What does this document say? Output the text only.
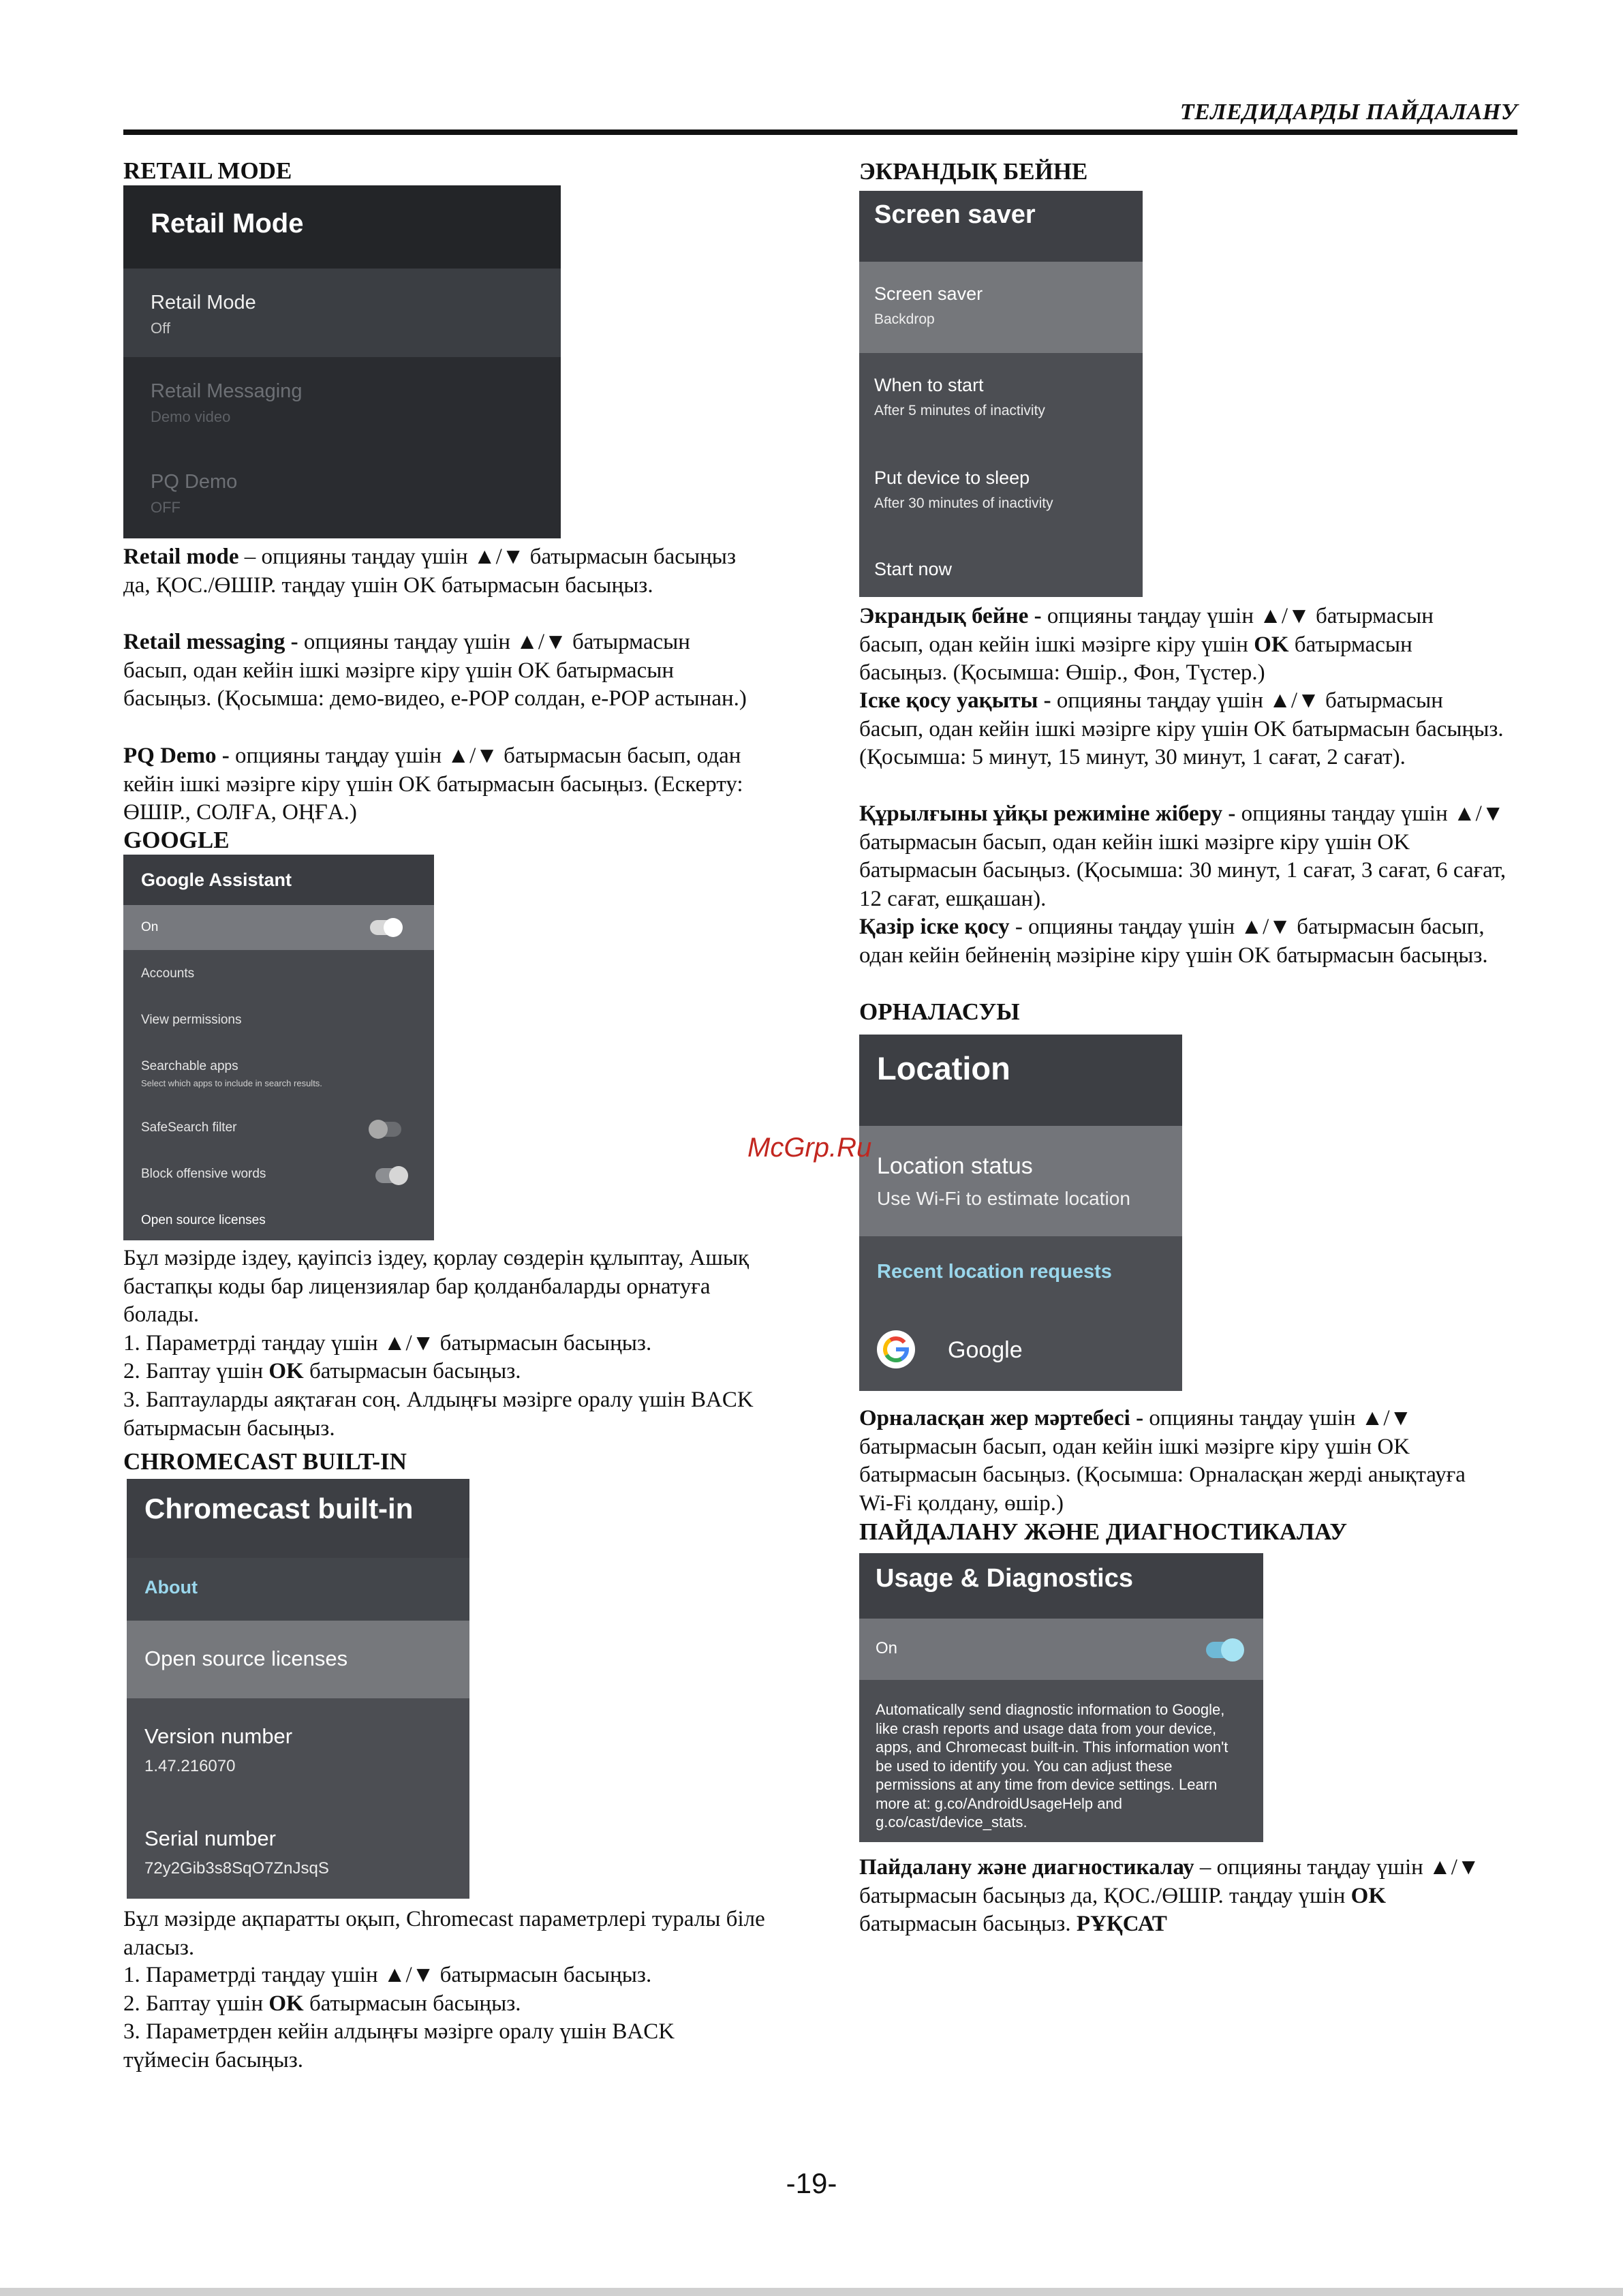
ТЕЛЕДИДАРДЫ ПАЙДАЛАНУ
RETAIL MODE
Retail Mode
Retail Mode
Off
Retail Messaging
Demo video
PQ Demo
OFF
Retail mode – опцияны таңдау үшін ▲/▼ батырмасын басыңыз да, ҚОС./ӨШІР. таңдау үшін OK батырмасын басыңыз.
Retail messaging - опцияны таңдау үшін ▲/▼ батырмасын басып, одан кейін ішкі мәзірге кіру үшін OK батырмасын басыңыз. (Қосымша: демо-видео, e-POP солдан, e-POP астынан.)
PQ Demo - опцияны таңдау үшін ▲/▼ батырмасын басып, одан кейін ішкі мәзірге кіру үшін OK батырмасын басыңыз. (Ескерту: ӨШІР., СОЛҒА, ОҢҒА.)
GOOGLE
Google Assistant
On
Accounts
View permissions
Searchable apps
Select which apps to include in search results.
SafeSearch filter
Block offensive words
Open source licenses
Бұл мәзірде іздеу, қауіпсіз іздеу, қорлау сөздерін құлыптау, Ашық бастапқы коды бар лицензиялар бар қолданбаларды орнатуға болады.
1. Параметрді таңдау үшін ▲/▼ батырмасын басыңыз.
2. Баптау үшін OK батырмасын басыңыз.
3. Баптауларды аяқтаған соң. Алдыңғы мәзірге оралу үшін BACK батырмасын басыңыз.
CHROMECAST BUILT-IN
Chromecast built-in
About
Open source licenses
Version number
1.47.216070
Serial number
72y2Gib3s8SqO7ZnJsqS
Бұл мәзірде ақпаратты оқып, Chromecast параметрлері туралы біле аласыз.
1. Параметрді таңдау үшін ▲/▼ батырмасын басыңыз.
2. Баптау үшін OK батырмасын басыңыз.
3. Параметрден кейін алдыңғы мәзірге оралу үшін BACK түймесін басыңыз.
ЭКРАНДЫҚ БЕЙНЕ
Screen saver
Screen saver
Backdrop
When to start
After 5 minutes of inactivity
Put device to sleep
After 30 minutes of inactivity
Start now
Экрандық бейне - опцияны таңдау үшін ▲/▼ батырмасын басып, одан кейін ішкі мәзірге кіру үшін OK батырмасын басыңыз. (Қосымша: Өшір., Фон, Түстер.)
Іске қосу уақыты - опцияны таңдау үшін ▲/▼ батырмасын басып, одан кейін ішкі мәзірге кіру үшін OK батырмасын басыңыз. (Қосымша: 5 минут, 15 минут, 30 минут, 1 сағат, 2 сағат).
Құрылғыны ұйқы режиміне жіберу - опцияны таңдау үшін ▲/▼ батырмасын басып, одан кейін ішкі мәзірге кіру үшін OK батырмасын басыңыз. (Қосымша: 30 минут, 1 сағат, 3 сағат, 6 сағат, 12 сағат, ешқашан).
Қазір іске қосу - опцияны таңдау үшін ▲/▼ батырмасын басып, одан кейін бейненің мәзіріне кіру үшін OK батырмасын басыңыз.
ОРНАЛАСУЫ
Location
Location status
Use Wi-Fi to estimate location
Recent location requests
Google
Орналасқан жер мәртебесі - опцияны таңдау үшін ▲/▼ батырмасын басып, одан кейін ішкі мәзірге кіру үшін OK батырмасын басыңыз. (Қосымша: Орналасқан жерді анықтауға Wi-Fi қолдану, өшір.)
ПАЙДАЛАНУ ЖӘНЕ ДИАГНОСТИКАЛАУ
Usage & Diagnostics
On
Automatically send diagnostic information to Google, like crash reports and usage data from your device, apps, and Chromecast built-in. This information won't be used to identify you. You can adjust these permissions at any time from device settings. Learn more at: g.co/AndroidUsageHelp and g.co/cast/device_stats.
Пайдалану және диагностикалау – опцияны таңдау үшін ▲/▼ батырмасын басыңыз да, ҚОС./ӨШІР. таңдау үшін OK батырмасын басыңыз. РҰҚСАТ
McGrp.Ru
-19-
